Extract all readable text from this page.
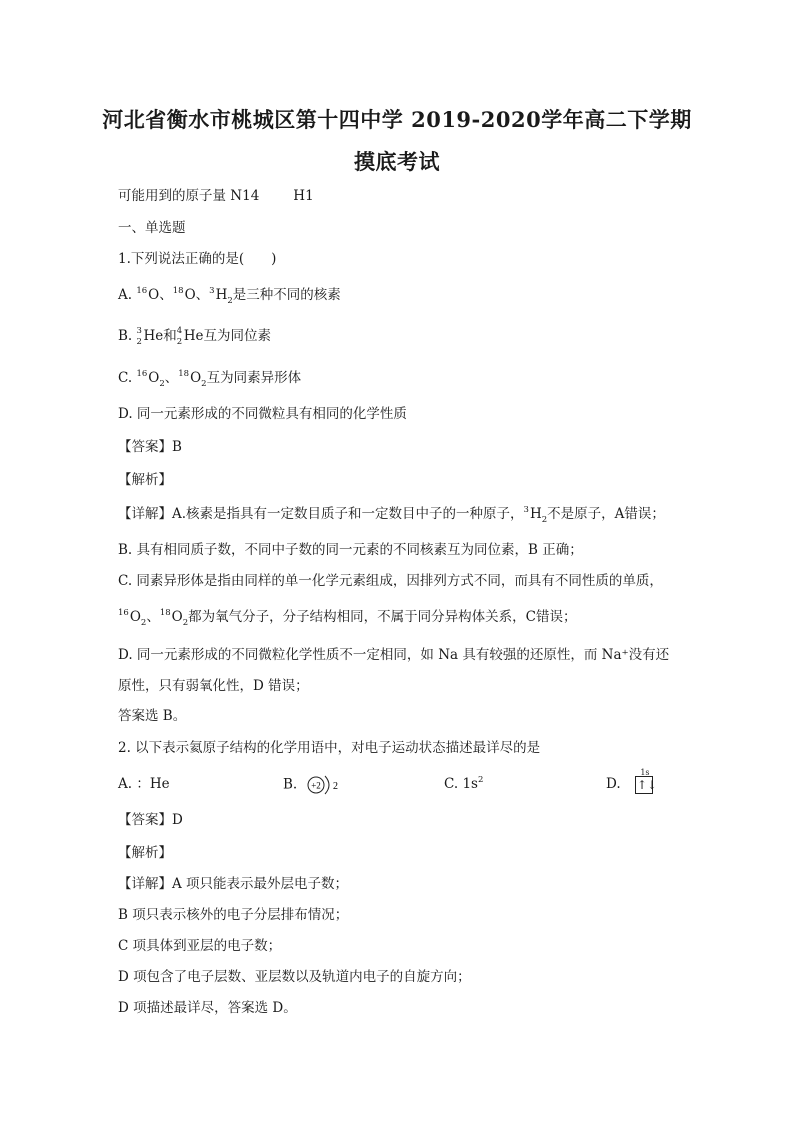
河北省衡水市桃城区第十四中学 2019-2020学年高二下学期
摸底考试
可能用到的原子量 N14	H1
一、单选题
1.下列说法正确的是(　　)
A. $^{16}$O、$^{18}$O、$^3H_2$是三种不同的核素
B. 3
2 He和 4
2 He互为同位素
C. $^{16}O_2$、$^{18}O_2$互为同素异形体
D. 同一元素形成的不同微粒具有相同的化学性质
【答案】B
【解析】
【详解】A.核素是指具有一定数目质子和一定数目中子的一种原子，$^3H_2$不是原子，A错误；
B. 具有相同质子数，不同中子数的同一元素的不同核素互为同位素，B 正确；
C. 同素异形体是指由同样的单一化学元素组成，因排列方式不同，而具有不同性质的单质，
$^{16}O_2$、$^{18}O_2$都为氧气分子，分子结构相同，不属于同分异构体关系，C错误；
D. 同一元素形成的不同微粒化学性质不一定相同，如 Na 具有较强的还原性，而 Na⁺没有还
原性，只有弱氧化性，D 错误；
答案选 B。
2. 以下表示氦原子结构的化学用语中，对电子运动状态描述最详尽的是
A. ：He	B. +2 2	C. $1s^2$	D.
1s
↑↓
【答案】D
【解析】
【详解】A 项只能表示最外层电子数；
B 项只表示核外的电子分层排布情况；
C 项具体到亚层的电子数；
D 项包含了电子层数、亚层数以及轨道内电子的自旋方向；
D 项描述最详尽，答案选 D。
